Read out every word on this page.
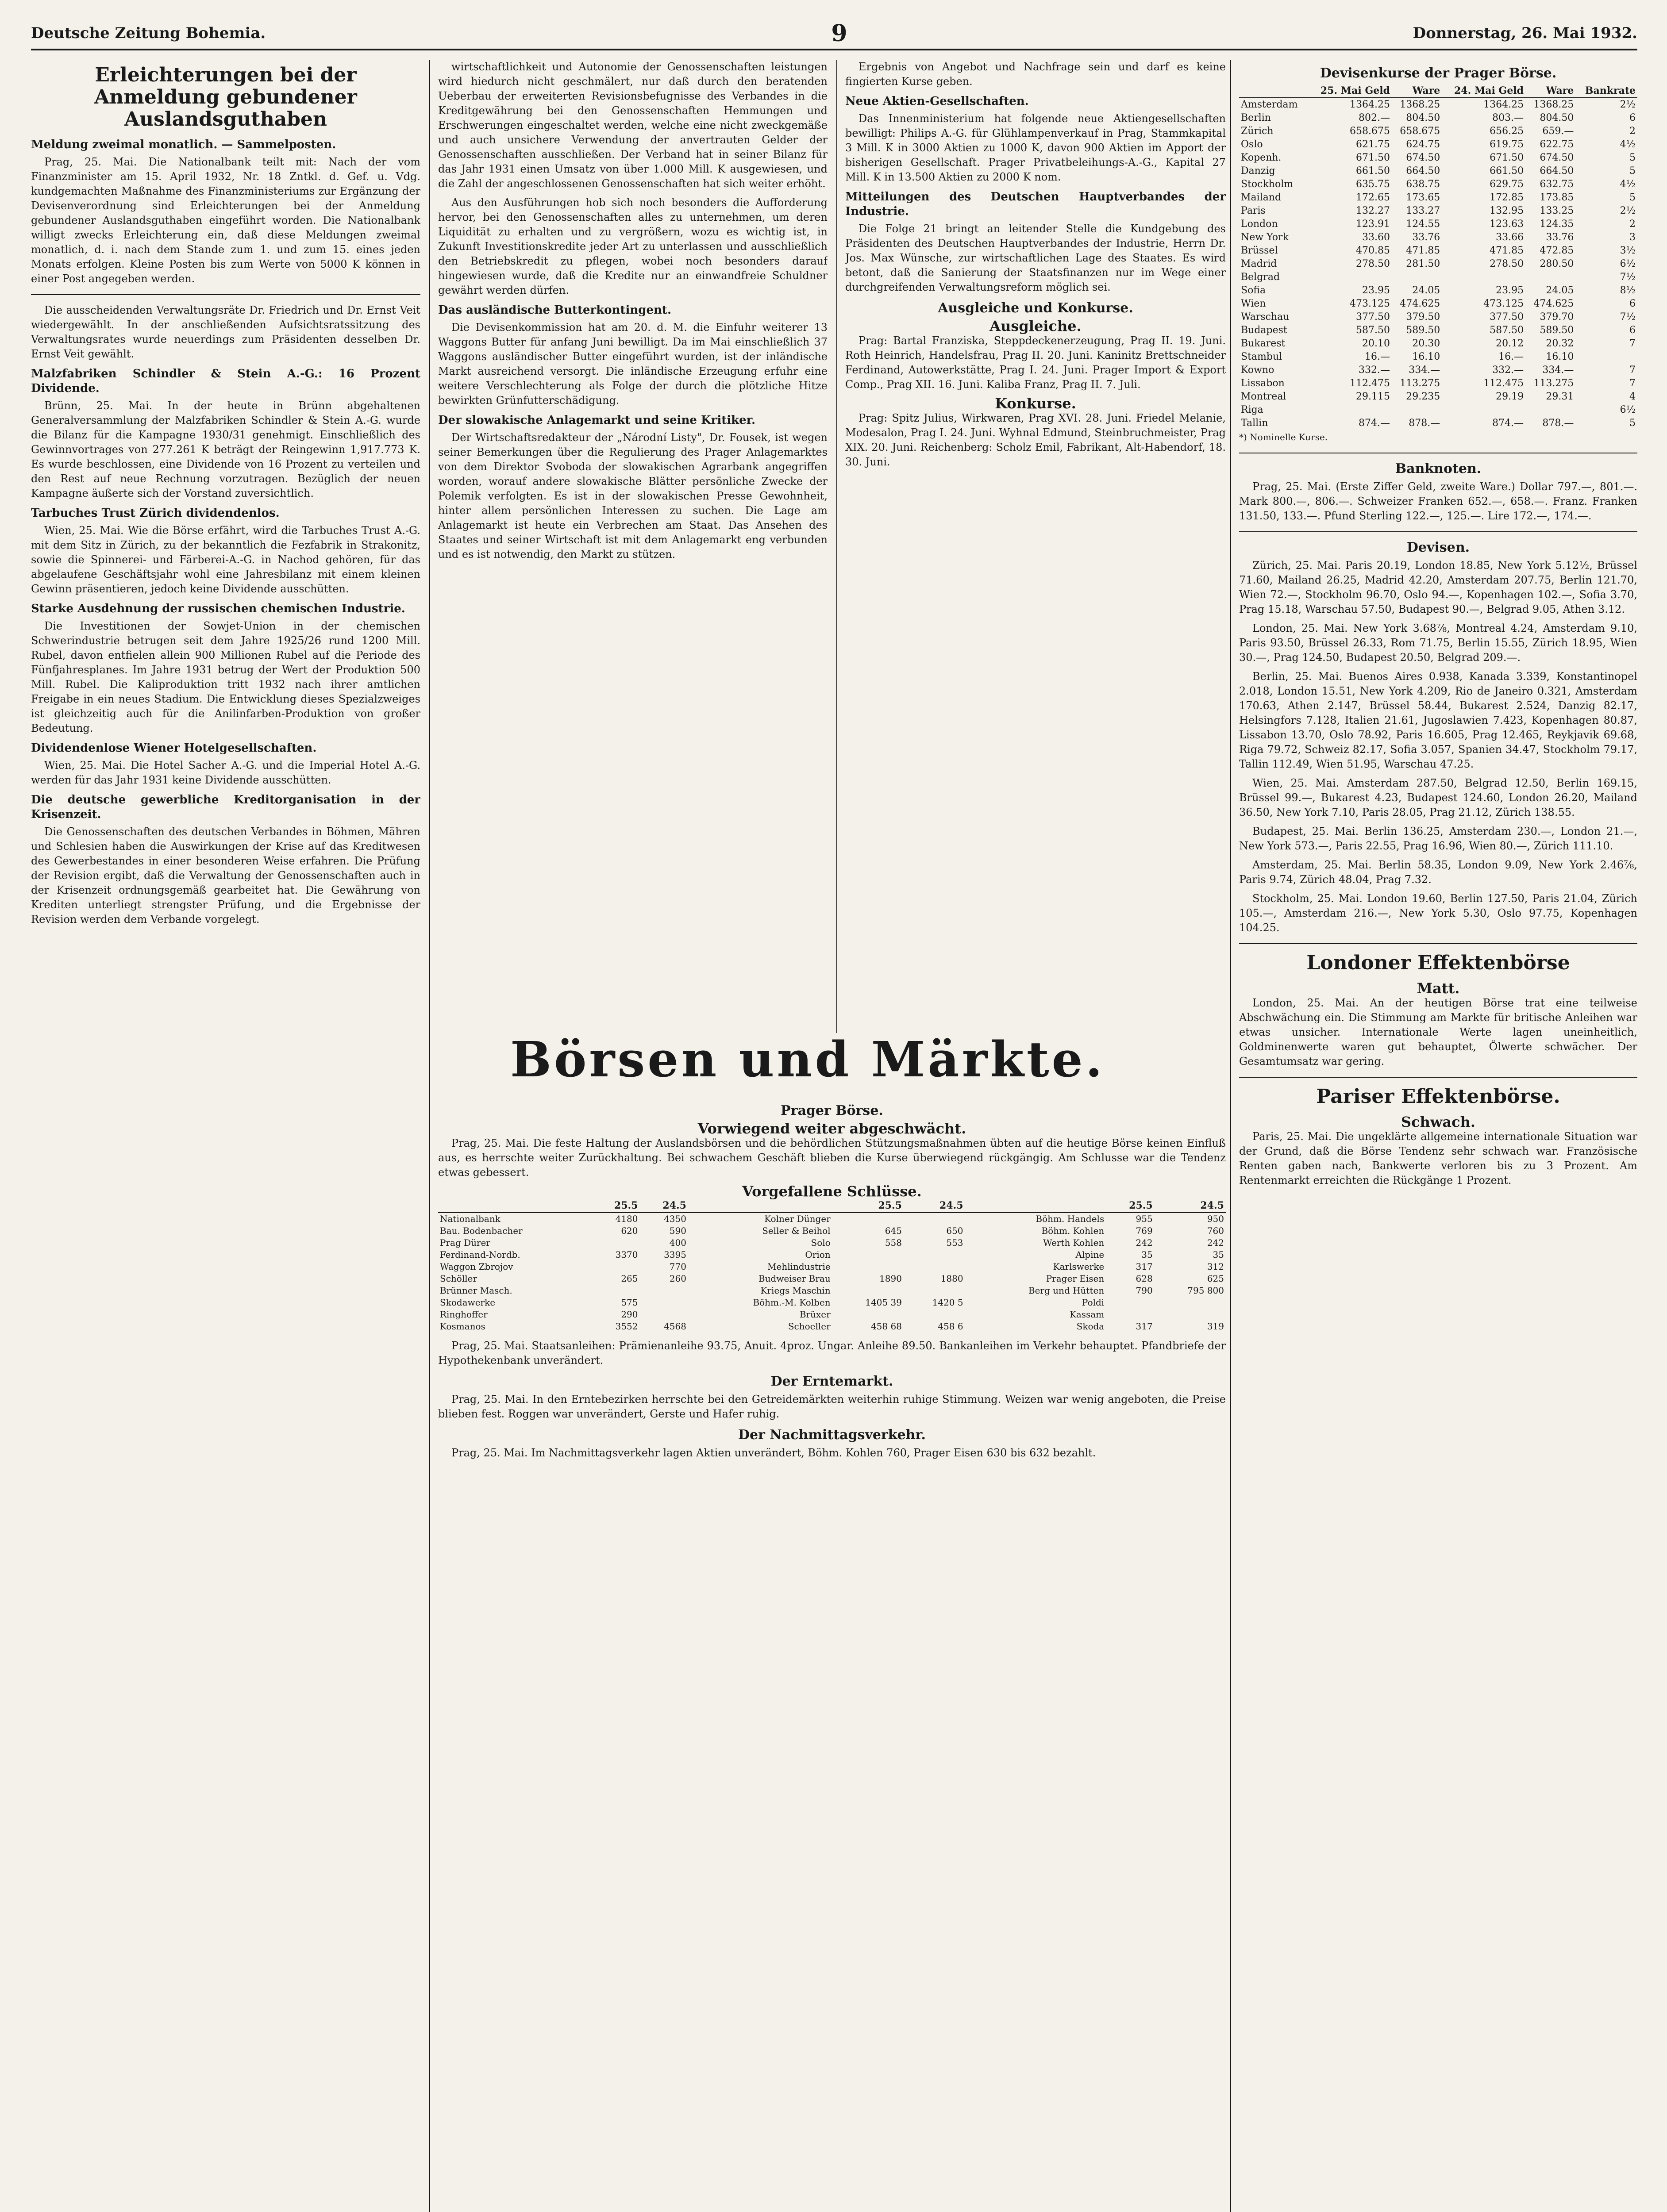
Deutsche Zeitung Bohemia.	9	Donnerstag, 26. Mai 1932.
Erleichterungen bei der Anmeldung gebundener Auslandsguthaben
Meldung zweimal monatlich. — Sammelposten.

Prag, 25. Mai. Die Nationalbank teilt mit: Nach der vom Finanzminister am 15. April 1932, Nr. 18 Zntkl. d. Gef. u. Vdg. kundgemachten Maßnahme des Finanzministeriums zur Ergänzung der Devisenverordnung sind Erleichterungen bei der Anmeldung gebundener Auslandsguthaben eingeführt worden. Die Nationalbank willigt zwecks Erleichterung ein, daß diese Meldungen zweimal monatlich, d. i. nach dem Stande zum 1. und zum 15. eines jeden Monats erfolgen. Kleine Posten bis zum Werte von 5000 K können in einer Post angegeben werden.

Die ausscheidenden Verwaltungsräte Dr. Friedrich und Dr. Ernst Veit wiedergewählt. In der anschließenden Aufsichtsratssitzung des Verwaltungsrates wurde neuerdings zum Präsidenten desselben Dr. Ernst Veit gewählt.

Malzfabriken Schindler & Stein A.-G.: 16 Prozent Dividende.

Brünn, 25. Mai. In der heute in Brünn abgehaltenen Generalversammlung der Malzfabriken Schindler & Stein A.-G. wurde die Bilanz für die Kampagne 1930/31 genehmigt. Einschließlich des Gewinnvortrages von 277.261 K beträgt der Reingewinn 1,917.773 K. Es wurde beschlossen, eine Dividende von 16 Prozent zu verteilen und den Rest auf neue Rechnung vorzutragen. Bezüglich der neuen Kampagne äußerte sich der Vorstand zuversichtlich.

Tarbuches Trust Zürich dividendenlos.

Wien, 25. Mai. Wie die Börse erfährt, wird die Tarbuches Trust A.-G. mit dem Sitz in Zürich, zu der bekanntlich die Fezfabrik in Strakonitz, sowie die Spinnerei- und Färberei-A.-G. in Nachod gehören, für das abgelaufene Geschäftsjahr wohl eine Jahresbilanz mit einem kleinen Gewinn präsentieren, jedoch keine Dividende ausschütten.

Starke Ausdehnung der russischen chemischen Industrie.

Die Investitionen der Sowjet-Union in der chemischen Schwerindustrie betrugen seit dem Jahre 1925/26 rund 1200 Mill. Rubel, davon entfielen allein 900 Millionen Rubel auf die Periode des Fünfjahresplanes. Im Jahre 1931 betrug der Wert der Produktion 500 Mill. Rubel. Die Kaliproduktion tritt 1932 nach ihrer amtlichen Freigabe in ein neues Stadium. Die Entwicklung dieses Spezialzweiges ist gleichzeitig auch für die Anilinfarben-Produktion von großer Bedeutung.

Dividendenlose Wiener Hotelgesellschaften.

Wien, 25. Mai. Die Hotel Sacher A.-G. und die Imperial Hotel A.-G. werden für das Jahr 1931 keine Dividende ausschütten.

Die deutsche gewerbliche Kreditorganisation in der Krisenzeit.

Die Genossenschaften des deutschen Verbandes in Böhmen, Mähren und Schlesien haben die Auswirkungen der Krise auf das Kreditwesen des Gewerbestandes in einer besonderen Weise erfahren. Die Prüfung der Revision ergibt, daß die Verwaltung der Genossenschaften auch in der Krisenzeit ordnungsgemäß gearbeitet hat. Die Gewährung von Krediten unterliegt strengster Prüfung, und die Ergebnisse der Revision werden dem Verbande vorgelegt.

wirtschaftlichkeit und Autonomie der Genossenschaften leistungen wird hiedurch nicht geschmälert, nur daß durch den beratenden Ueberbau der erweiterten Revisionsbefugnisse des Verbandes in die Kreditgewährung bei den Genossenschaften Hemmungen und Erschwerungen eingeschaltet werden, welche eine nicht zweckgemäße und auch unsichere Verwendung der anvertrauten Gelder der Genossenschaften ausschließen. Der Verband hat in seiner Bilanz für das Jahr 1931 einen Umsatz von über 1.000 Mill. K ausgewiesen, und die Zahl der angeschlossenen Genossenschaften hat sich weiter erhöht.

Aus den Ausführungen hob sich noch besonders die Aufforderung hervor, bei den Genossenschaften alles zu unternehmen, um deren Liquidität zu erhalten und zu vergrößern, wozu es wichtig ist, in Zukunft Investitionskredite jeder Art zu unterlassen und ausschließlich den Betriebskredit zu pflegen, wobei noch besonders darauf hingewiesen wurde, daß die Kredite nur an einwandfreie Schuldner gewährt werden dürfen.

Das ausländische Butterkontingent.

Die Devisenkommission hat am 20. d. M. die Einfuhr weiterer 13 Waggons Butter für anfang Juni bewilligt. Da im Mai einschließlich 37 Waggons ausländischer Butter eingeführt wurden, ist der inländische Markt ausreichend versorgt. Die inländische Erzeugung erfuhr eine weitere Verschlechterung als Folge der durch die plötzliche Hitze bewirkten Grünfutterschädigung.

Der slowakische Anlagemarkt und seine Kritiker.

Der Wirtschaftsredakteur der „Národní Listy", Dr. Fousek, ist wegen seiner Bemerkungen über die Regulierung des Prager Anlagemarktes von dem Direktor Svoboda der slowakischen Agrarbank angegriffen worden, worauf andere slowakische Blätter persönliche Zwecke der Polemik verfolgten. Es ist in der slowakischen Presse Gewohnheit, hinter allem persönlichen Interessen zu suchen. Die Lage am Anlagemarkt ist heute ein Verbrechen am Staat. Das Ansehen des Staates und seiner Wirtschaft ist mit dem Anlagemarkt eng verbunden und es ist notwendig, den Markt zu stützen.

Ergebnis von Angebot und Nachfrage sein und darf es keine fingierten Kurse geben.

Neue Aktien-Gesellschaften.

Das Innenministerium hat folgende neue Aktiengesellschaften bewilligt: Philips A.-G. für Glühlampenverkauf in Prag, Stammkapital 3 Mill. K in 3000 Aktien zu 1000 K, davon 900 Aktien im Apport der bisherigen Gesellschaft. Prager Privatbeleihungs-A.-G., Kapital 27 Mill. K in 13.500 Aktien zu 2000 K nom.

Mitteilungen des Deutschen Hauptverbandes der Industrie.

Die Folge 21 bringt an leitender Stelle die Kundgebung des Präsidenten des Deutschen Hauptverbandes der Industrie, Herrn Dr. Jos. Max Wünsche, zur wirtschaftlichen Lage des Staates. Es wird betont, daß die Sanierung der Staatsfinanzen nur im Wege einer durchgreifenden Verwaltungsreform möglich sei.

Ausgleiche und Konkurse.
Ausgleiche.

Prag: Bartal Franziska, Steppdeckenerzeugung, Prag II. 19. Juni. Roth Heinrich, Handelsfrau, Prag II. 20. Juni. Kaninitz Brettschneider Ferdinand, Autowerkstätte, Prag I. 24. Juni. Prager Import & Export Comp., Prag XII. 16. Juni. Kaliba Franz, Prag II. 7. Juli.

Konkurse.

Prag: Spitz Julius, Wirkwaren, Prag XVI. 28. Juni. Friedel Melanie, Modesalon, Prag I. 24. Juni. Wyhnal Edmund, Steinbruchmeister, Prag XIX. 20. Juni. Reichenberg: Scholz Emil, Fabrikant, Alt-Habendorf, 18. 30. Juni.

Börsen und Märkte.
Prager Börse.
Vorwiegend weiter abgeschwächt.

Prag, 25. Mai. Die feste Haltung der Auslandsbörsen und die behördlichen Stützungsmaßnahmen übten auf die heutige Börse keinen Einfluß aus, es herrschte weiter Zurückhaltung. Bei schwachem Geschäft blieben die Kurse überwiegend rückgängig. Am Schlusse war die Tendenz etwas gebessert.

Vorgefallene Schlüsse.
	25.5	24.5		25.5	24.5		25.5	24.5
Nationalbank	4180	4350	Kolner Dünger			Böhm. Handels	955	950
Bau. Bodenbacher	620	590	Seller & Beihol	645	650	Böhm. Kohlen	769	760
Prag Dürer		400	Solo	558	553	Werth Kohlen	242	242
Ferdinand-Nordb.	3370	3395	Orion			Alpine	35	35
Waggon Zbrojov		770	Mehlindustrie			Karlswerke	317	312
Schöller	265	260	Budweiser Brau	1890	1880	Prager Eisen	628	625
Brünner Masch.			Kriegs Maschin			Berg und Hütten	790	795 800
Skodawerke	575		Böhm.-M. Kolben	1405 39	1420 5	Poldi		
Ringhoffer	290		Brüxer			Kassam		
Kosmanos	3552	4568	Schoeller	458 68	458 6	Skoda	317	319

Prag, 25. Mai. Staatsanleihen: Prämienanleihe 93.75, Anuit. 4proz. Ungar. Anleihe 89.50. Bankanleihen im Verkehr behauptet. Pfandbriefe der Hypothekenbank unverändert.

Der Erntemarkt.

Prag, 25. Mai. In den Erntebezirken herrschte bei den Getreidemärkten weiterhin ruhige Stimmung. Weizen war wenig angeboten, die Preise blieben fest. Roggen war unverändert, Gerste und Hafer ruhig.

Der Nachmittagsverkehr.

Prag, 25. Mai. Im Nachmittagsverkehr lagen Aktien unverändert, Böhm. Kohlen 760, Prager Eisen 630 bis 632 bezahlt.

Devisenkurse der Prager Börse.
	25. Mai Geld	Ware	24. Mai Geld	Ware	Bankrate
Amsterdam	1364.25	1368.25	1364.25	1368.25	2½
Berlin	802.—	804.50	803.—	804.50	6
Zürich	658.675	658.675	656.25	659.—	2
Oslo	621.75	624.75	619.75	622.75	4½
Kopenh.	671.50	674.50	671.50	674.50	5
Danzig	661.50	664.50	661.50	664.50	5
Stockholm	635.75	638.75	629.75	632.75	4½
Mailand	172.65	173.65	172.85	173.85	5
Paris	132.27	133.27	132.95	133.25	2½
London	123.91	124.55	123.63	124.35	2
New York	33.60	33.76	33.66	33.76	3
Brüssel	470.85	471.85	471.85	472.85	3½
Madrid	278.50	281.50	278.50	280.50	6½
Belgrad					7½
Sofia	23.95	24.05	23.95	24.05	8½
Wien	473.125	474.625	473.125	474.625	6
Warschau	377.50	379.50	377.50	379.70	7½
Budapest	587.50	589.50	587.50	589.50	6
Bukarest	20.10	20.30	20.12	20.32	7
Stambul	16.—	16.10	16.—	16.10	
Kowno	332.—	334.—	332.—	334.—	7
Lissabon	112.475	113.275	112.475	113.275	7
Montreal	29.115	29.235	29.19	29.31	4
Riga					6½
Tallin	874.—	878.—	874.—	878.—	5
*) Nominelle Kurse.
Banknoten.

Prag, 25. Mai. (Erste Ziffer Geld, zweite Ware.) Dollar 797.—, 801.—. Mark 800.—, 806.—. Schweizer Franken 652.—, 658.—. Franz. Franken 131.50, 133.—. Pfund Sterling 122.—, 125.—. Lire 172.—, 174.—.

Devisen.

Zürich, 25. Mai. Paris 20.19, London 18.85, New York 5.12½, Brüssel 71.60, Mailand 26.25, Madrid 42.20, Amsterdam 207.75, Berlin 121.70, Wien 72.—, Stockholm 96.70, Oslo 94.—, Kopenhagen 102.—, Sofia 3.70, Prag 15.18, Warschau 57.50, Budapest 90.—, Belgrad 9.05, Athen 3.12.

London, 25. Mai. New York 3.68⅞, Montreal 4.24, Amsterdam 9.10, Paris 93.50, Brüssel 26.33, Rom 71.75, Berlin 15.55, Zürich 18.95, Wien 30.—, Prag 124.50, Budapest 20.50, Belgrad 209.—.

Berlin, 25. Mai. Buenos Aires 0.938, Kanada 3.339, Konstantinopel 2.018, London 15.51, New York 4.209, Rio de Janeiro 0.321, Amsterdam 170.63, Athen 2.147, Brüssel 58.44, Bukarest 2.524, Danzig 82.17, Helsingfors 7.128, Italien 21.61, Jugoslawien 7.423, Kopenhagen 80.87, Lissabon 13.70, Oslo 78.92, Paris 16.605, Prag 12.465, Reykjavik 69.68, Riga 79.72, Schweiz 82.17, Sofia 3.057, Spanien 34.47, Stockholm 79.17, Tallin 112.49, Wien 51.95, Warschau 47.25.

Wien, 25. Mai. Amsterdam 287.50, Belgrad 12.50, Berlin 169.15, Brüssel 99.—, Bukarest 4.23, Budapest 124.60, London 26.20, Mailand 36.50, New York 7.10, Paris 28.05, Prag 21.12, Zürich 138.55.

Budapest, 25. Mai. Berlin 136.25, Amsterdam 230.—, London 21.—, New York 573.—, Paris 22.55, Prag 16.96, Wien 80.—, Zürich 111.10.

Amsterdam, 25. Mai. Berlin 58.35, London 9.09, New York 2.46⅞, Paris 9.74, Zürich 48.04, Prag 7.32.

Stockholm, 25. Mai. London 19.60, Berlin 127.50, Paris 21.04, Zürich 105.—, Amsterdam 216.—, New York 5.30, Oslo 97.75, Kopenhagen 104.25.

Londoner Effektenbörse
Matt.

London, 25. Mai. An der heutigen Börse trat eine teilweise Abschwächung ein. Die Stimmung am Markte für britische Anleihen war etwas unsicher. Internationale Werte lagen uneinheitlich, Goldminenwerte waren gut behauptet, Ölwerte schwächer. Der Gesamtumsatz war gering.

Pariser Effektenbörse.
Schwach.

Paris, 25. Mai. Die ungeklärte allgemeine internationale Situation war der Grund, daß die Börse Tendenz sehr schwach war. Französische Renten gaben nach, Bankwerte verloren bis zu 3 Prozent. Am Rentenmarkt erreichten die Rückgänge 1 Prozent.
